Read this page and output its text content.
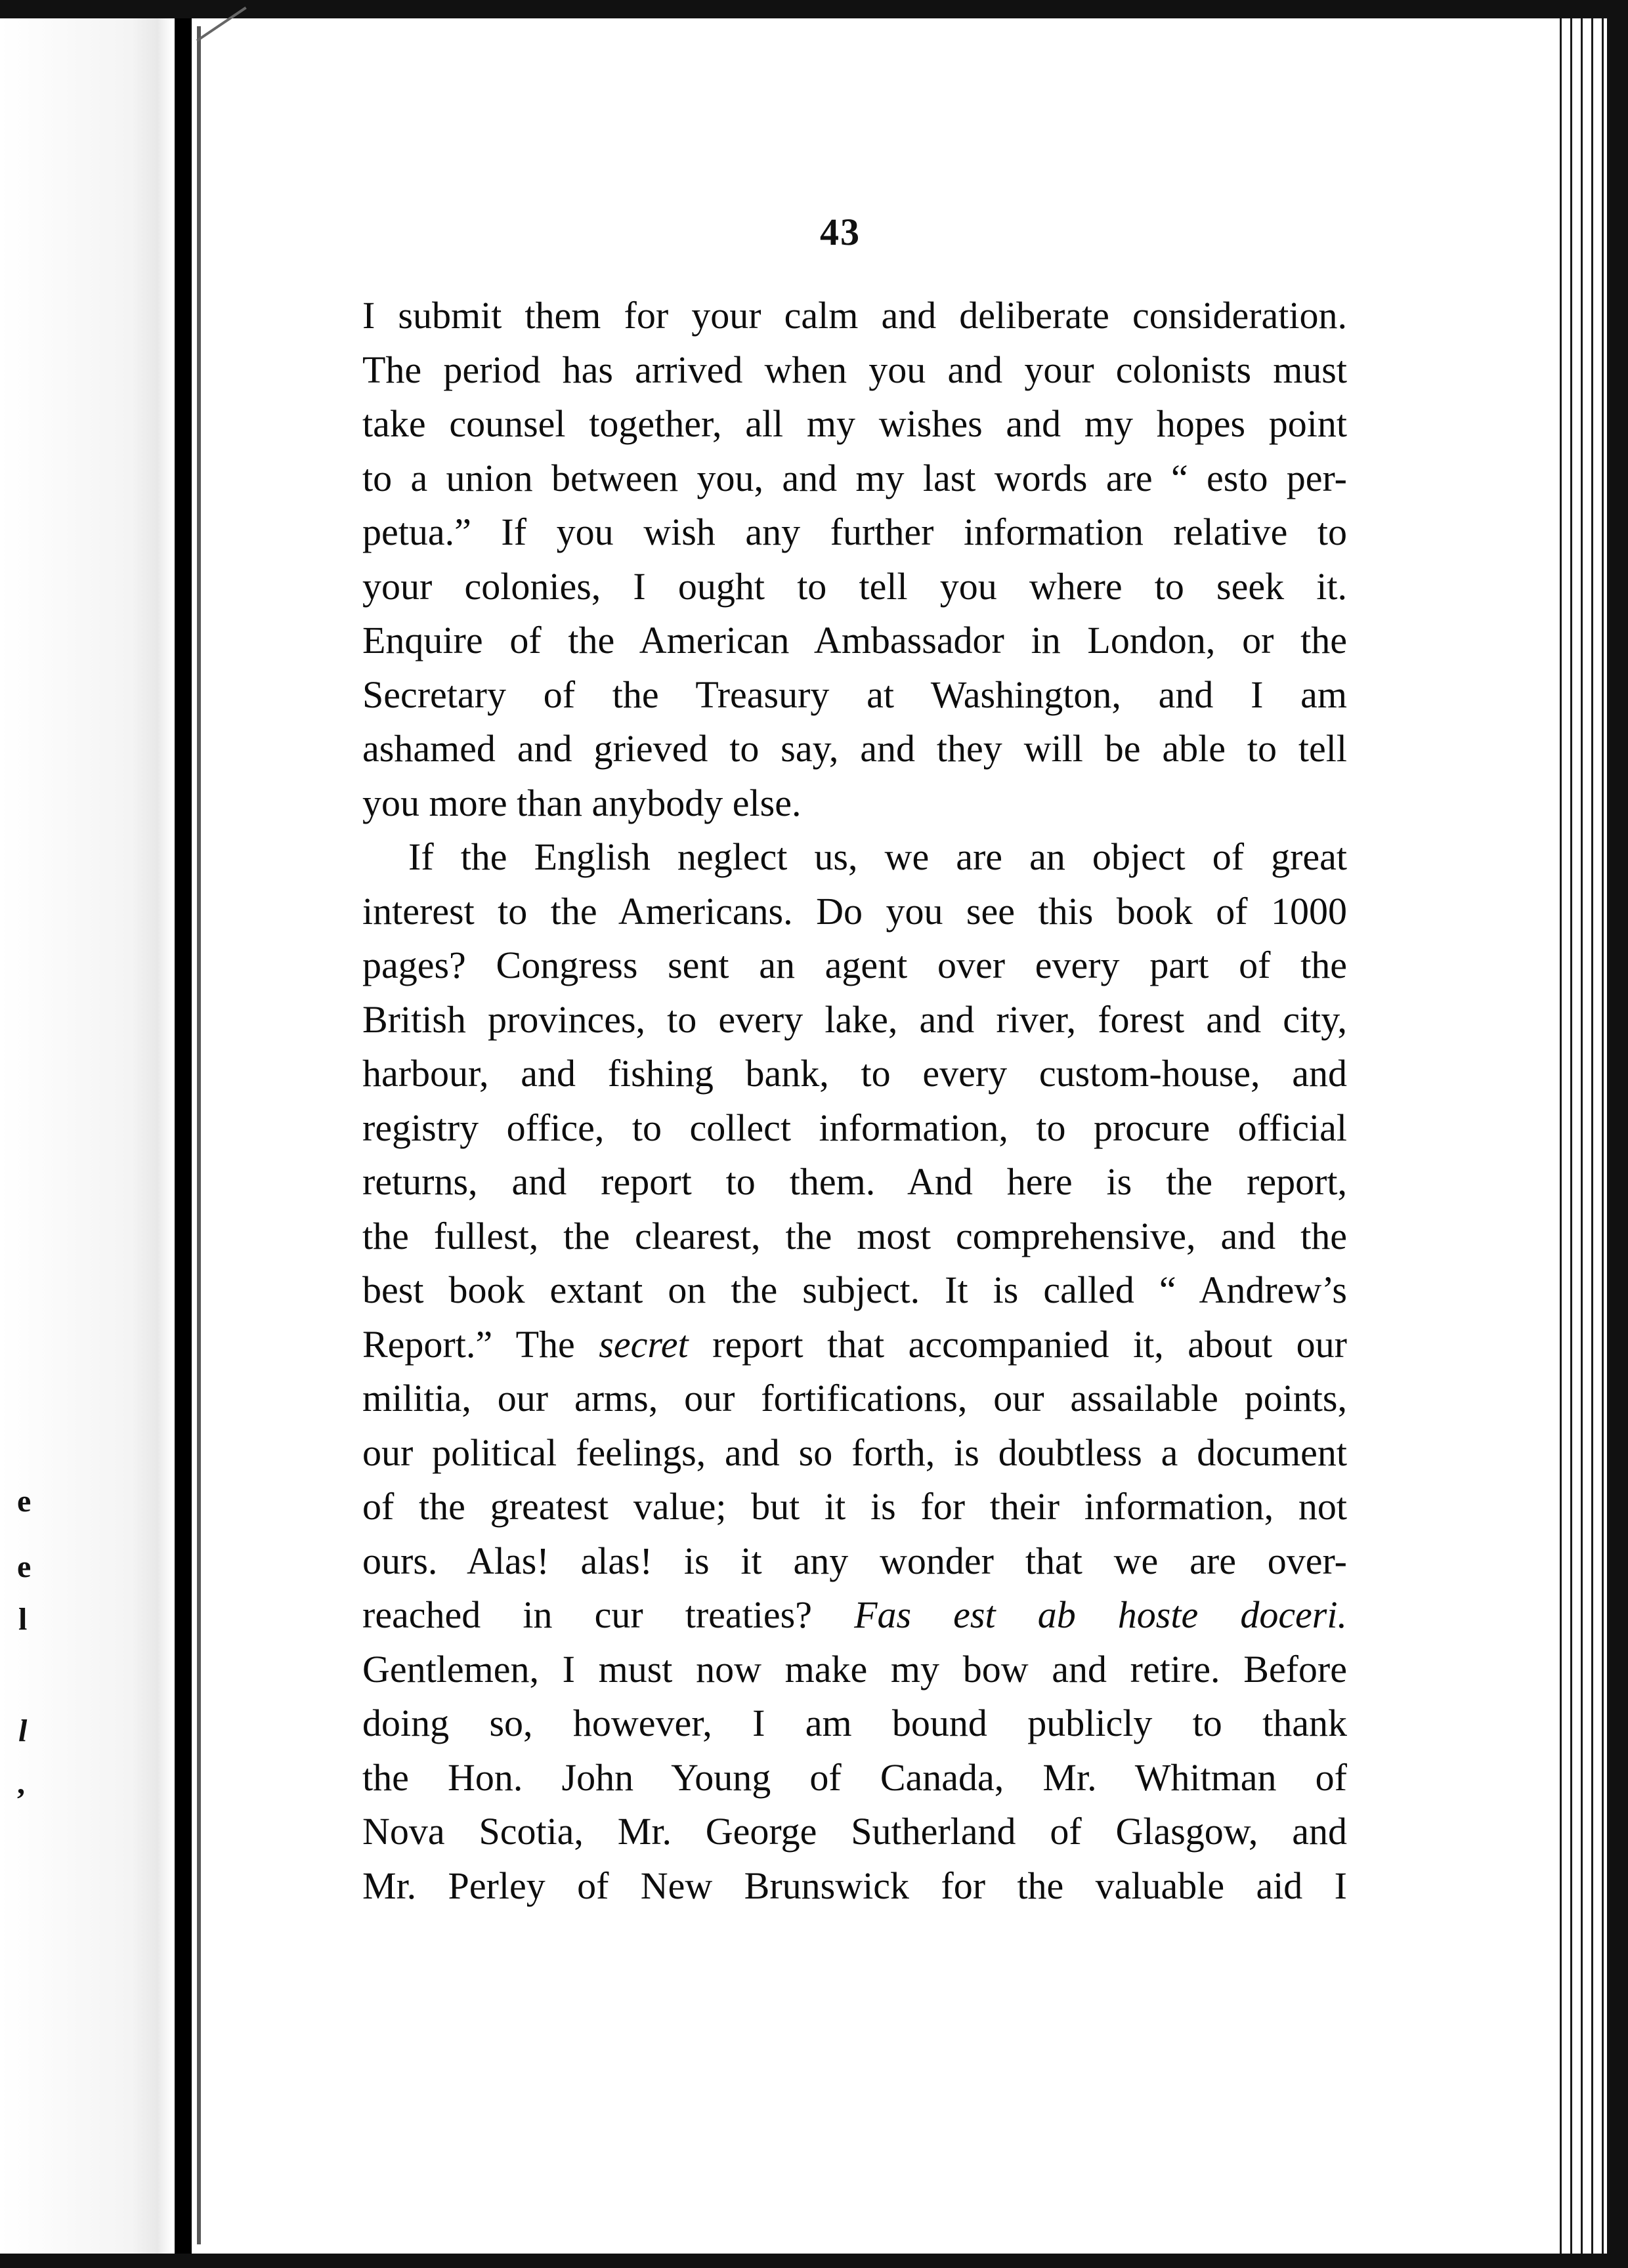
e
e
l
l
,
43
I submit them for your calm and deliberate consideration.
The period has arrived when you and your colonists must
take counsel together, all my wishes and my hopes point
to a union between you, and my last words are “ esto per-
petua.” If you wish any further information relative to
your colonies, I ought to tell you where to seek it.
Enquire of the American Ambassador in London, or the
Secretary of the Treasury at Washington, and I am
ashamed and grieved to say, and they will be able to tell
you more than anybody else.
If the English neglect us, we are an object of great
interest to the Americans. Do you see this book of 1000
pages? Congress sent an agent over every part of the
British provinces, to every lake, and river, forest and city,
harbour, and fishing bank, to every custom-house, and
registry office, to collect information, to procure official
returns, and report to them. And here is the report,
the fullest, the clearest, the most comprehensive, and the
best book extant on the subject. It is called “ Andrew’s
Report.” The secret report that accompanied it, about our
militia, our arms, our fortifications, our assailable points,
our political feelings, and so forth, is doubtless a document
of the greatest value; but it is for their information, not
ours. Alas! alas! is it any wonder that we are over-
reached in cur treaties? Fas est ab hoste doceri.
Gentlemen, I must now make my bow and retire. Before
doing so, however, I am bound publicly to thank
the Hon. John Young of Canada, Mr. Whitman of
Nova Scotia, Mr. George Sutherland of Glasgow, and
Mr. Perley of New Brunswick for the valuable aid I
